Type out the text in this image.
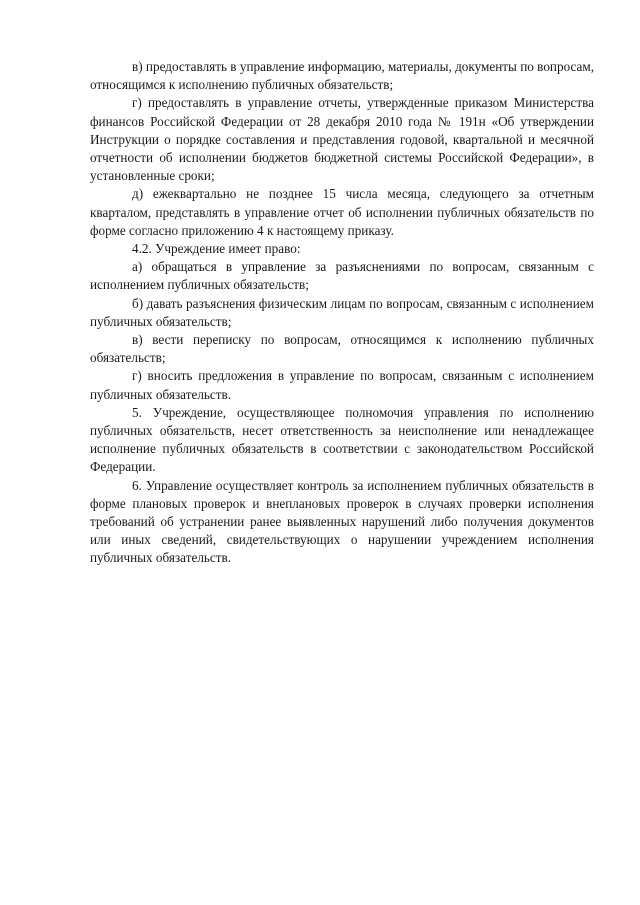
в) предоставлять в управление информацию, материалы, документы по вопросам, относящимся к исполнению публичных обязательств;

г) предоставлять в управление отчеты, утвержденные приказом Министерства финансов Российской Федерации от 28 декабря 2010 года № 191н «Об утверждении Инструкции о порядке составления и представления годовой, квартальной и месячной отчетности об исполнении бюджетов бюджетной системы Российской Федерации», в установленные сроки;

д) ежеквартально не позднее 15 числа месяца, следующего за отчетным кварталом, представлять в управление отчет об исполнении публичных обязательств по форме согласно приложению 4 к настоящему приказу.

4.2. Учреждение имеет право:

а) обращаться в управление за разъяснениями по вопросам, связанным с исполнением публичных обязательств;

б) давать разъяснения физическим лицам по вопросам, связанным с исполнением публичных обязательств;

в) вести переписку по вопросам, относящимся к исполнению публичных обязательств;

г) вносить предложения в управление по вопросам, связанным с исполнением публичных обязательств.

5. Учреждение, осуществляющее полномочия управления по исполнению публичных обязательств, несет ответственность за неисполнение или ненадлежащее исполнение публичных обязательств в соответствии с законодательством Российской Федерации.

6. Управление осуществляет контроль за исполнением публичных обязательств в форме плановых проверок и внеплановых проверок в случаях проверки исполнения требований об устранении ранее выявленных нарушений либо получения документов или иных сведений, свидетельствующих о нарушении учреждением исполнения публичных обязательств.
